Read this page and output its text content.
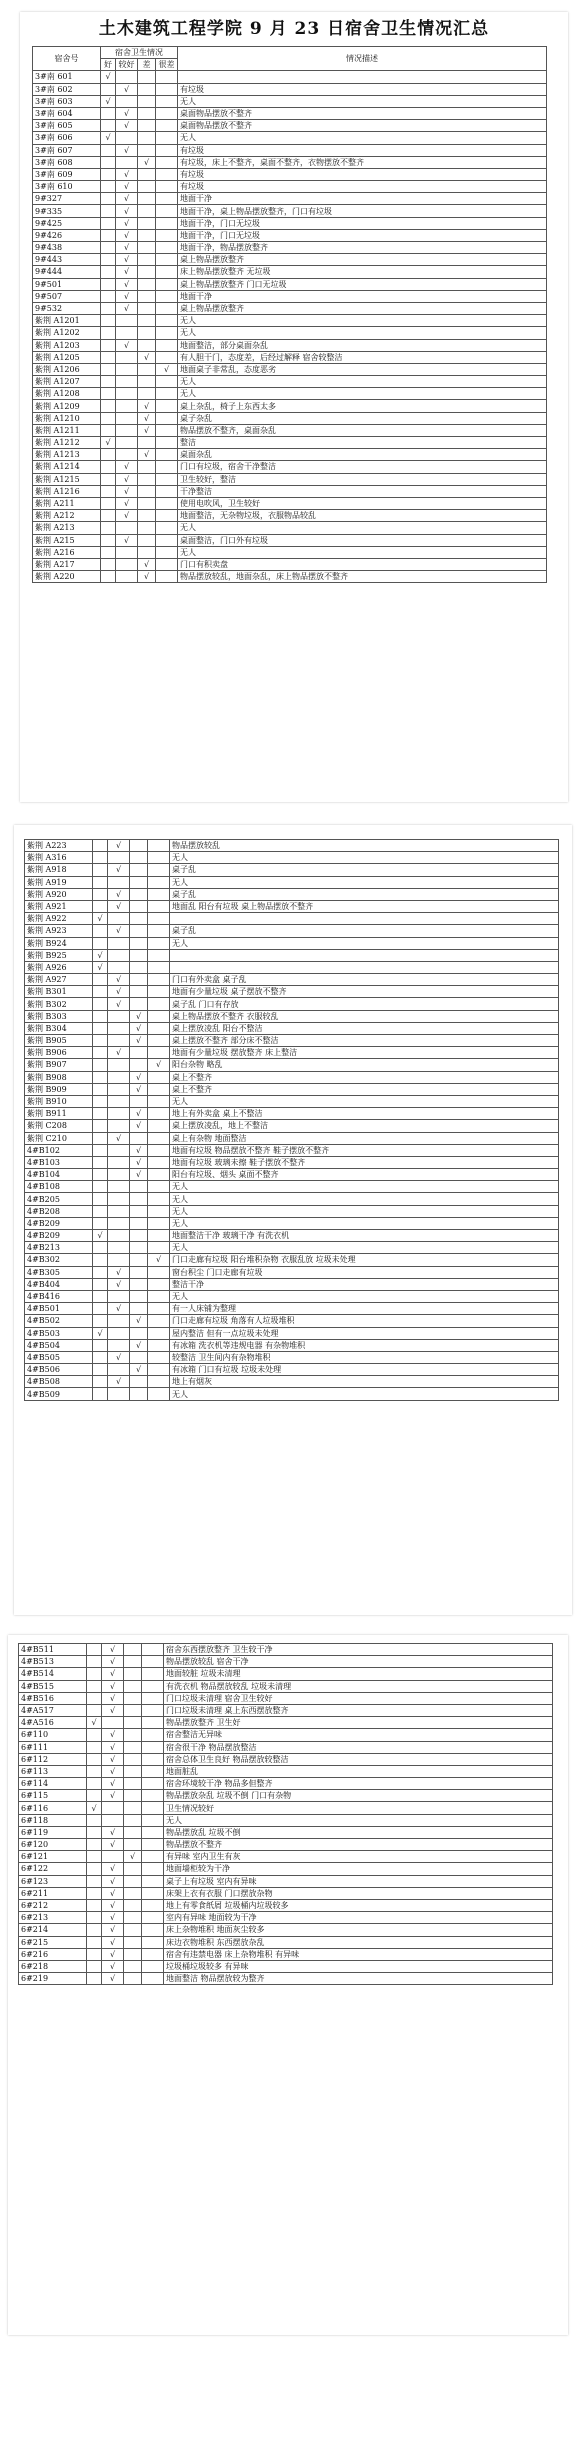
土木建筑工程学院 9 月 23 日宿舍卫生情况汇总
宿舍号	宿舍卫生情况				情况描述
	好	较好	差	很差	
3#南 601	√				
3#南 602		√			有垃圾
3#南 603	√				无人
3#南 604		√			桌面物品摆放不整齐
3#南 605		√			桌面物品摆放不整齐
3#南 606	√				无人
3#南 607		√			有垃圾
3#南 608			√		有垃圾，床上不整齐，桌面不整齐，衣物摆放不整齐
3#南 609		√			有垃圾
3#南 610		√			有垃圾
9#327		√			地面干净
9#335		√			地面干净，桌上物品摆放整齐，门口有垃圾
9#425		√			地面干净，门口无垃圾
9#426		√			地面干净，门口无垃圾
9#438		√			地面干净，物品摆放整齐
9#443		√			桌上物品摆放整齐
9#444		√			床上物品摆放整齐 无垃圾
9#501		√			桌上物品摆放整齐 门口无垃圾
9#507		√			地面干净
9#532		√			桌上物品摆放整齐
紫荆 A1201					无人
紫荆 A1202					无人
紫荆 A1203		√			地面整洁，部分桌面杂乱
紫荆 A1205			√		有人胆干门，态度差，后经过解释 宿舍较整洁
紫荆 A1206				√	地面桌子非常乱，态度恶劣
紫荆 A1207					无人
紫荆 A1208					无人
紫荆 A1209			√		桌上杂乱，椅子上东西太多
紫荆 A1210			√		桌子杂乱
紫荆 A1211			√		物品摆放不整齐，桌面杂乱
紫荆 A1212	√				整洁
紫荆 A1213			√		桌面杂乱
紫荆 A1214		√			门口有垃圾，宿舍干净整洁
紫荆 A1215		√			卫生较好，整洁
紫荆 A1216		√			干净整洁
紫荆 A211		√			使用电吹风，卫生较好
紫荆 A212		√			地面整洁，无杂物垃圾，衣服物品较乱
紫荆 A213					无人
紫荆 A215		√			桌面整洁，门口外有垃圾
紫荆 A216					无人
紫荆 A217			√		门口有积卖盘
紫荆 A220			√		物品摆放较乱，地面杂乱，床上物品摆放不整齐
紫荆 A223		√			物品摆放较乱
紫荆 A316					无人
紫荆 A918		√			桌子乱
紫荆 A919					无人
紫荆 A920		√			桌子乱
紫荆 A921		√			地面乱 阳台有垃圾 桌上物品摆放不整齐
紫荆 A922	√				
紫荆 A923		√			桌子乱
紫荆 B924					无人
紫荆 B925	√				
紫荆 A926	√				
紫荆 A927		√			门口有外卖盒 桌子乱
紫荆 B301		√			地面有少量垃圾 桌子摆放不整齐
紫荆 B302		√			桌子乱 门口有存放
紫荆 B303			√		桌上物品摆放不整齐 衣服较乱
紫荆 B304			√		桌上摆放凌乱 阳台不整洁
紫荆 B905			√		桌上摆放不整齐 部分床不整洁
紫荆 B906		√			地面有少量垃圾 摆放整齐 床上整洁
紫荆 B907				√	阳台杂物 略乱
紫荆 B908			√		桌上不整齐
紫荆 B909			√		桌上不整齐
紫荆 B910					无人
紫荆 B911			√		地上有外卖盒 桌上不整洁
紫荆 C208			√		桌上摆放凌乱，地上不整洁
紫荆 C210		√			桌上有杂物 地面整洁
4#B102			√		地面有垃圾 物品摆放不整齐 鞋子摆放不整齐
4#B103			√		地面有垃圾 玻璃未擦 鞋子摆放不整齐
4#B104			√		阳台有垃圾、烟头 桌面不整齐
4#B108					无人
4#B205					无人
4#B208					无人
4#B209					无人
4#B209	√				地面整洁干净 玻璃干净 有洗衣机
4#B213					无人
4#B302				√	门口走廊有垃圾 阳台堆积杂物 衣服乱放 垃圾未处理
4#B305		√			窗台积尘 门口走廊有垃圾
4#B404		√			整洁干净
4#B416					无人
4#B501		√			有一人床铺为整理
4#B502			√		门口走廊有垃圾 角落有人垃圾堆积
4#B503	√				屋内整洁 但有一点垃圾未处理
4#B504			√		有冰箱 洗衣机等违规电器 有杂物堆积
4#B505		√			较整洁 卫生间内有杂物堆积
4#B506			√		有冰箱 门口有垃圾 垃圾未处理
4#B508		√			地上有烟灰
4#B509					无人
4#B511		√			宿舍东西摆放整齐 卫生较干净
4#B513		√			物品摆放较乱 宿舍干净
4#B514		√			地面较脏 垃圾未清理
4#B515		√			有洗衣机 物品摆放较乱 垃圾未清理
4#B516		√			门口垃圾未清理 宿舍卫生较好
4#A517		√			门口垃圾未清理 桌上东西摆放整齐
4#A516	√				物品摆放整齐 卫生好
6#110		√			宿舍整洁无异味
6#111		√			宿舍很干净 物品摆放整洁
6#112		√			宿舍总体卫生良好 物品摆放较整洁
6#113		√			地面脏乱
6#114		√			宿舍环境较干净 物品多但整齐
6#115		√			物品摆放杂乱 垃圾不倒 门口有杂物
6#116	√				卫生情况较好
6#118					无人
6#119		√			物品摆放乱 垃圾不倒
6#120		√			物品摆放不整齐
6#121			√		有异味 室内卫生有灰
6#122		√			地面墙柜较为干净
6#123		√			桌子上有垃圾 室内有异味
6#211		√			床架上衣有衣服 门口摆放杂物
6#212		√			地上有零食纸屑 垃圾桶内垃圾较多
6#213		√			室内有异味 地面较为干净
6#214		√			床上杂物堆积 地面灰尘较多
6#215		√			床边衣物堆积 东西摆放杂乱
6#216		√			宿舍有违禁电器 床上杂物堆积 有异味
6#218		√			垃圾桶垃圾较多 有异味
6#219		√			地面整洁 物品摆放较为整齐
